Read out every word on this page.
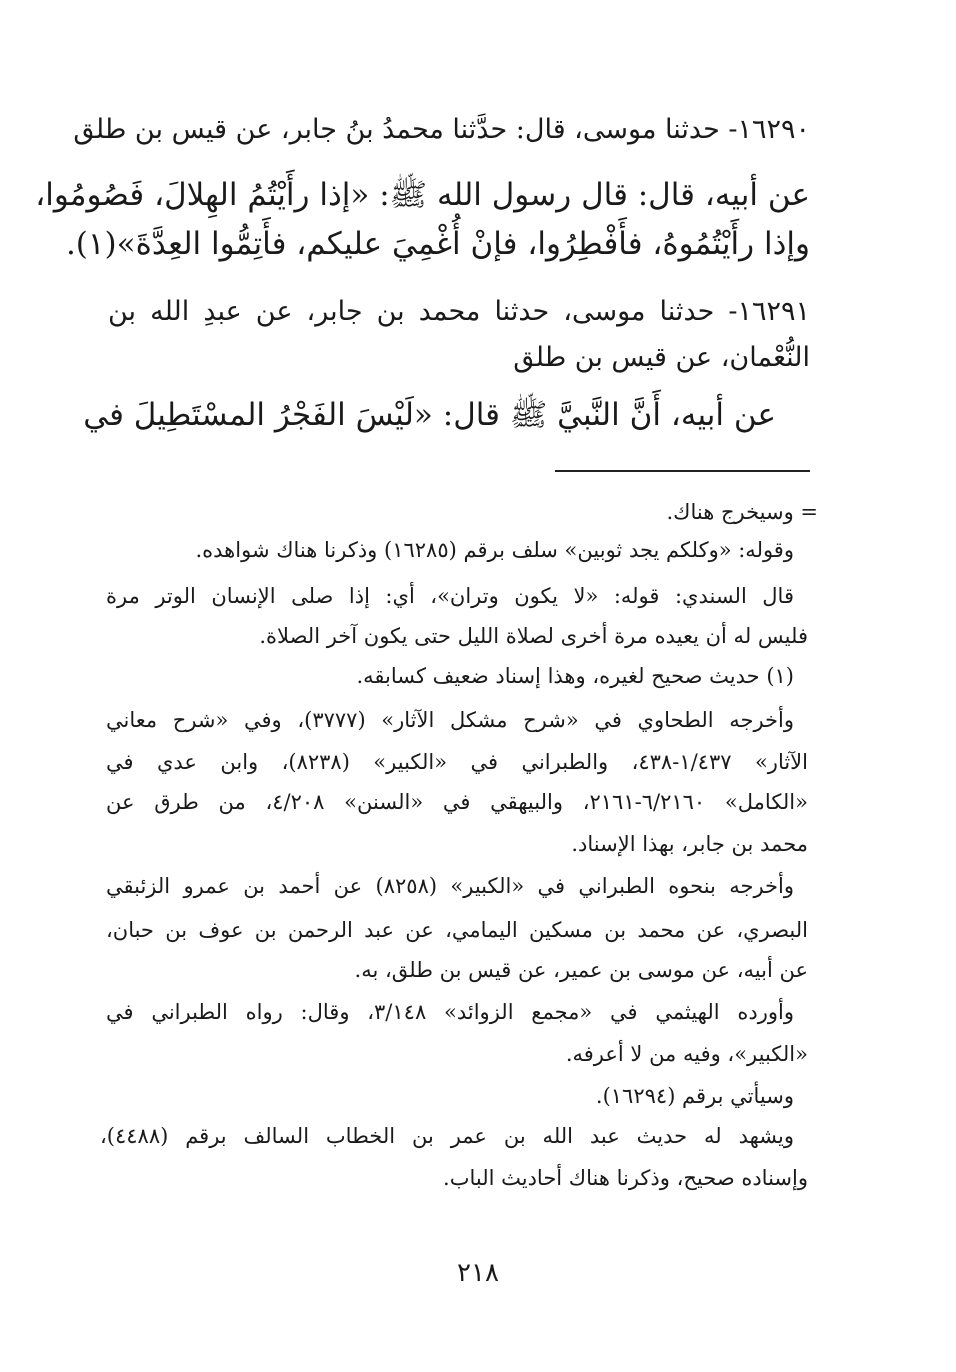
١٦٢٩٠- حدثنا موسى، قال: حدَّثنا محمدُ بنُ جابر، عن قيس بن طلق
عن أبيه، قال: قال رسول الله ﷺ: «إذا رأَيْتُمُ الهِلالَ، فَصُومُوا،
وإذا رأَيْتُمُوهُ، فأَفْطِرُوا، فإنْ أُغْمِيَ عليكم، فأَتِمُّوا العِدَّةَ»(١).
١٦٢٩١- حدثنا موسى، حدثنا محمد بن جابر، عن عبدِ الله بن
النُّعْمان، عن قيس بن طلق
عن أبيه، أَنَّ النَّبيَّ ﷺ قال: «لَيْسَ الفَجْرُ المسْتَطِيلَ في
= وسيخرج هناك.
وقوله: «وكلكم يجد ثوبين» سلف برقم (١٦٢٨٥) وذكرنا هناك شواهده.
قال السندي: قوله: «لا يكون وتران»، أي: إذا صلى الإنسان الوتر مرة
فليس له أن يعيده مرة أخرى لصلاة الليل حتى يكون آخر الصلاة.
(١) حديث صحيح لغيره، وهذا إسناد ضعيف كسابقه.
وأخرجه الطحاوي في «شرح مشكل الآثار» (٣٧٧٧)، وفي «شرح معاني
الآثار» ١/٤٣٧-٤٣٨، والطبراني في «الكبير» (٨٢٣٨)، وابن عدي في
«الكامل» ٦/٢١٦٠-٢١٦١، والبيهقي في «السنن» ٤/٢٠٨، من طرق عن
محمد بن جابر، بهذا الإسناد.
وأخرجه بنحوه الطبراني في «الكبير» (٨٢٥٨) عن أحمد بن عمرو الزئبقي
البصري، عن محمد بن مسكين اليمامي، عن عبد الرحمن بن عوف بن حبان،
عن أبيه، عن موسى بن عمير، عن قيس بن طلق، به.
وأورده الهيثمي في «مجمع الزوائد» ٣/١٤٨، وقال: رواه الطبراني في
«الكبير»، وفيه من لا أعرفه.
وسيأتي برقم (١٦٢٩٤).
ويشهد له حديث عبد الله بن عمر بن الخطاب السالف برقم (٤٤٨٨)،
وإسناده صحيح، وذكرنا هناك أحاديث الباب.
٢١٨
